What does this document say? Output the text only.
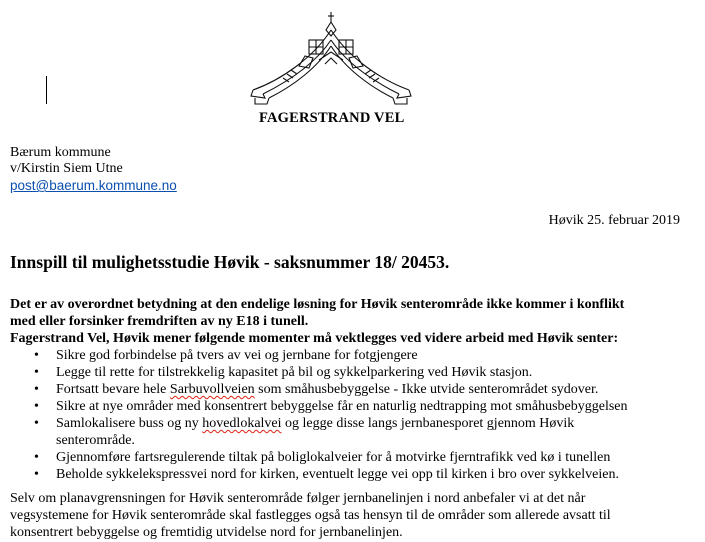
FAGERSTRAND VEL
Bærum kommune
v/Kirstin Siem Utne
post@baerum.kommune.no
Høvik 25. februar 2019
Innspill til mulighetsstudie Høvik - saksnummer 18/ 20453.

Det er av overordnet betydning at den endelige løsning for Høvik senterområde ikke kommer i konflikt

med eller forsinker fremdriften av ny E18 i tunell.

Fagerstrand Vel, Høvik mener følgende momenter må vektlegges ved videre arbeid med Høvik senter:

• Sikre god forbindelse på tvers av vei og jernbane for fotgjengere
• Legge til rette for tilstrekkelig kapasitet på bil og sykkelparkering ved Høvik stasjon.
• Fortsatt bevare hele Sarbuvollveien som småhusbebyggelse - Ikke utvide senterområdet sydover.
• Sikre at nye områder med konsentrert bebyggelse får en naturlig nedtrapping mot småhusbebyggelsen
• Samlokalisere buss og ny hovedlokalvei og legge disse langs jernbanesporet gjennom Høvik
senterområde.
• Gjennomføre fartsregulerende tiltak på boliglokalveier for å motvirke fjerntrafikk ved kø i tunellen
• Beholde sykkelekspressvei nord for kirken, eventuelt legge vei opp til kirken i bro over sykkelveien.

Selv om planavgrensningen for Høvik senterområde følger jernbanelinjen i nord anbefaler vi at det når
vegsystemene for Høvik senterområde skal fastlegges også tas hensyn til de områder som allerede avsatt til
konsentrert bebyggelse og fremtidig utvidelse nord for jernbanelinjen.
